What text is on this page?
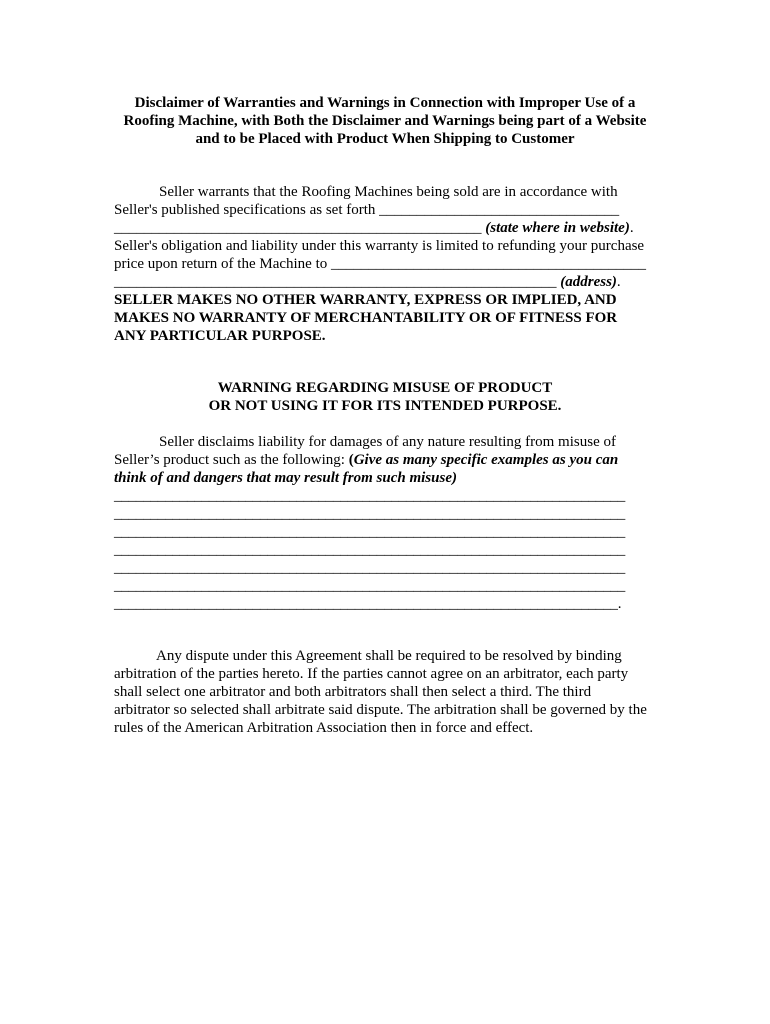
Disclaimer of Warranties and Warnings in Connection with Improper Use of a
Roofing Machine, with Both the Disclaimer and Warnings being part of a Website
and to be Placed with Product When Shipping to Customer
Seller warrants that the Roofing Machines being sold are in accordance with
Seller's published specifications as set forth ________________________________
_________________________________________________ (state where in website).
Seller's obligation and liability under this warranty is limited to refunding your purchase
price upon return of the Machine to __________________________________________
___________________________________________________________ (address).
SELLER MAKES NO OTHER WARRANTY, EXPRESS OR IMPLIED, AND
MAKES NO WARRANTY OF MERCHANTABILITY OR OF FITNESS FOR
ANY PARTICULAR PURPOSE.
WARNING REGARDING MISUSE OF PRODUCT
OR NOT USING IT FOR ITS INTENDED PURPOSE.
Seller disclaims liability for damages of any nature resulting from misuse of
Seller’s product such as the following: (Give as many specific examples as you can
think of and dangers that may result from such misuse)
______________________________________________________________________
______________________________________________________________________
______________________________________________________________________
______________________________________________________________________
______________________________________________________________________
______________________________________________________________________
_____________________________________________________________________.
Any dispute under this Agreement shall be required to be resolved by binding
arbitration of the parties hereto. If the parties cannot agree on an arbitrator, each party
shall select one arbitrator and both arbitrators shall then select a third. The third
arbitrator so selected shall arbitrate said dispute. The arbitration shall be governed by the
rules of the American Arbitration Association then in force and effect.
